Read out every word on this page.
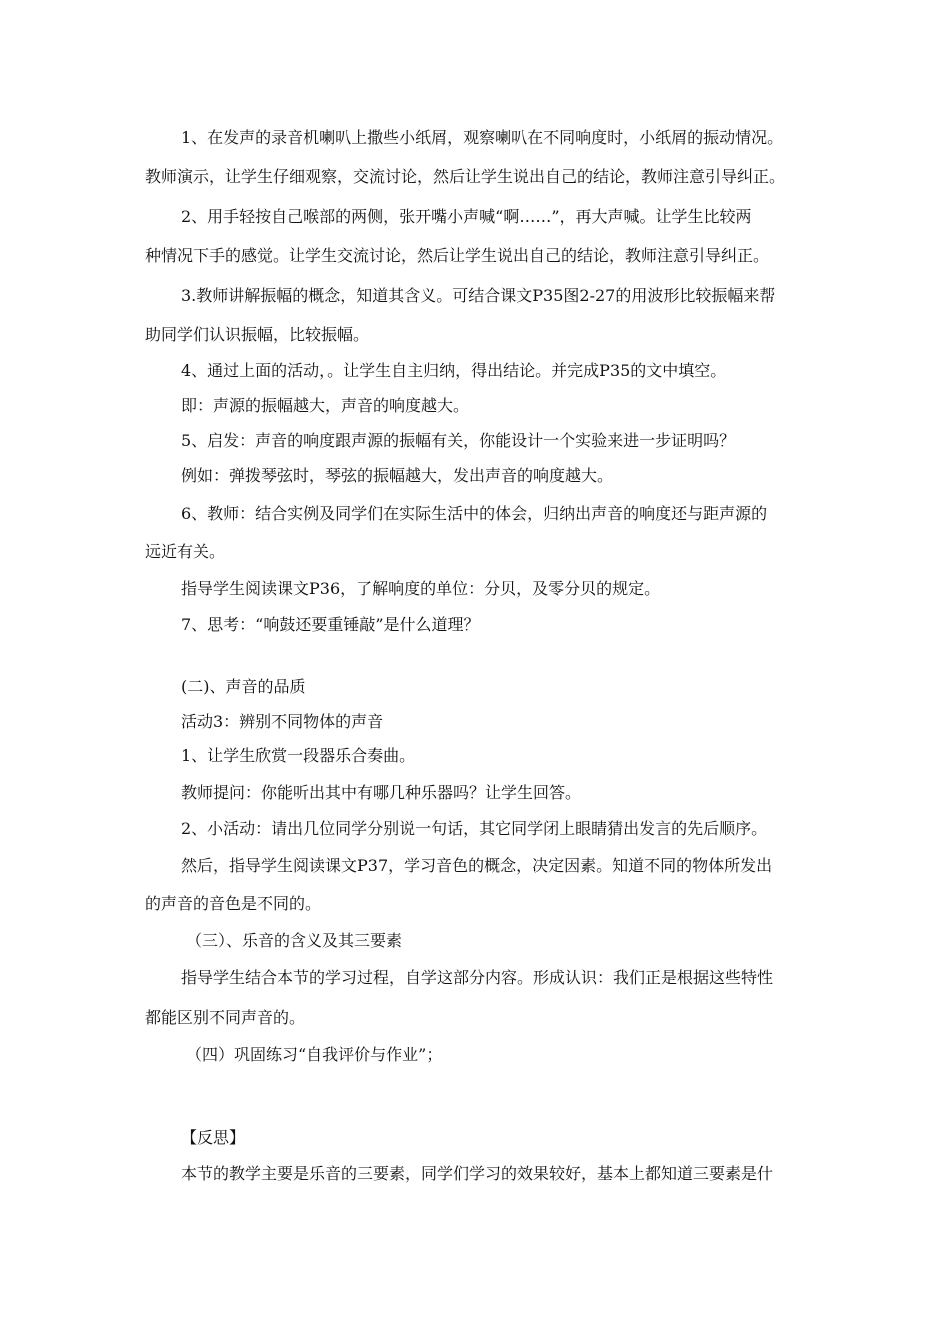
1、在发声的录音机喇叭上撒些小纸屑，观察喇叭在不同响度时，小纸屑的振动情况。
教师演示，让学生仔细观察，交流讨论，然后让学生说出自己的结论，教师注意引导纠正。
2、用手轻按自己喉部的两侧，张开嘴小声喊“啊……”，再大声喊。让学生比较两
种情况下手的感觉。让学生交流讨论，然后让学生说出自己的结论，教师注意引导纠正。
3.教师讲解振幅的概念，知道其含义。可结合课文P35图2-27的用波形比较振幅来帮
助同学们认识振幅，比较振幅。
4、通过上面的活动，。让学生自主归纳，得出结论。并完成P35的文中填空。
即：声源的振幅越大，声音的响度越大。
5、启发：声音的响度跟声源的振幅有关，你能设计一个实验来进一步证明吗？
例如：弹拨琴弦时，琴弦的振幅越大，发出声音的响度越大。
6、教师：结合实例及同学们在实际生活中的体会，归纳出声音的响度还与距声源的
远近有关。
指导学生阅读课文P36，了解响度的单位：分贝，及零分贝的规定。
7、思考：“响鼓还要重锤敲”是什么道理？
(二)、声音的品质
活动3：辨别不同物体的声音
1、让学生欣赏一段器乐合奏曲。
教师提问：你能听出其中有哪几种乐器吗？让学生回答。
2、小活动：请出几位同学分别说一句话，其它同学闭上眼睛猜出发言的先后顺序。
然后，指导学生阅读课文P37，学习音色的概念，决定因素。知道不同的物体所发出
的声音的音色是不同的。
（三）、乐音的含义及其三要素
指导学生结合本节的学习过程，自学这部分内容。形成认识：我们正是根据这些特性
都能区别不同声音的。
（四）巩固练习“自我评价与作业”；
【反思】
本节的教学主要是乐音的三要素，同学们学习的效果较好，基本上都知道三要素是什
